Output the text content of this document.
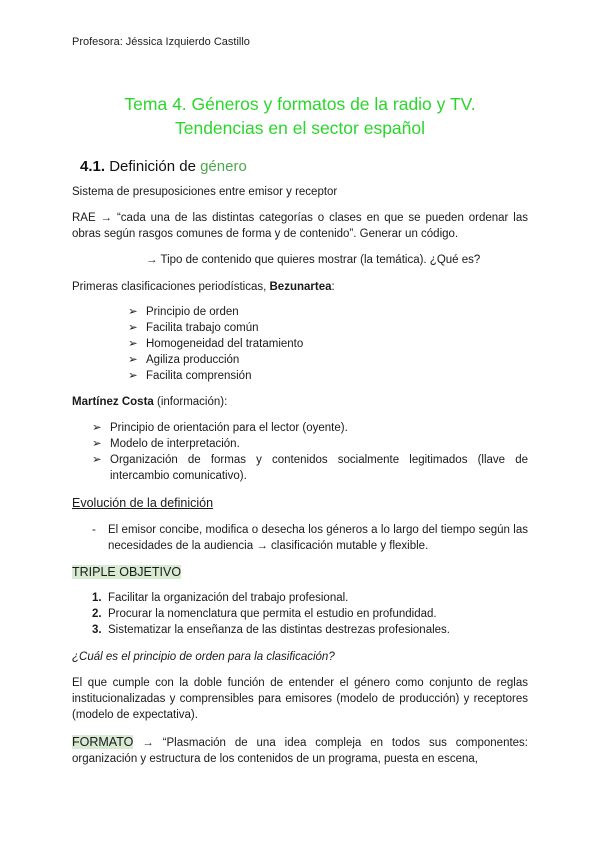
Profesora: Jéssica Izquierdo Castillo
Tema 4. Géneros y formatos de la radio y TV.
Tendencias en el sector español
4.1. Definición de género

Sistema de presuposiciones entre emisor y receptor

RAE → “cada una de las distintas categorías o clases en que se pueden ordenar las obras según rasgos comunes de forma y de contenido”. Generar un código.

→ Tipo de contenido que quieres mostrar (la temática). ¿Qué es?

Primeras clasificaciones periodísticas, Bezunartea:

➢ Principio de orden
➢ Facilita trabajo común
➢ Homogeneidad del tratamiento
➢ Agiliza producción
➢ Facilita comprensión

Martínez Costa (información):

➢ Principio de orientación para el lector (oyente).
➢ Modelo de interpretación.
➢ Organización de formas y contenidos socialmente legitimados (llave de intercambio comunicativo).
Evolución de la definición
- El emisor concibe, modifica o desecha los géneros a lo largo del tiempo según las necesidades de la audiencia → clasificación mutable y flexible.
TRIPLE OBJETIVO
1. Facilitar la organización del trabajo profesional.
2. Procurar la nomenclatura que permita el estudio en profundidad.
3. Sistematizar la enseñanza de las distintas destrezas profesionales.

¿Cuál es el principio de orden para la clasificación?

El que cumple con la doble función de entender el género como conjunto de reglas institucionalizadas y comprensibles para emisores (modelo de producción) y receptores (modelo de expectativa).

FORMATO → “Plasmación de una idea compleja en todos sus componentes: organización y estructura de los contenidos de un programa, puesta en escena,
